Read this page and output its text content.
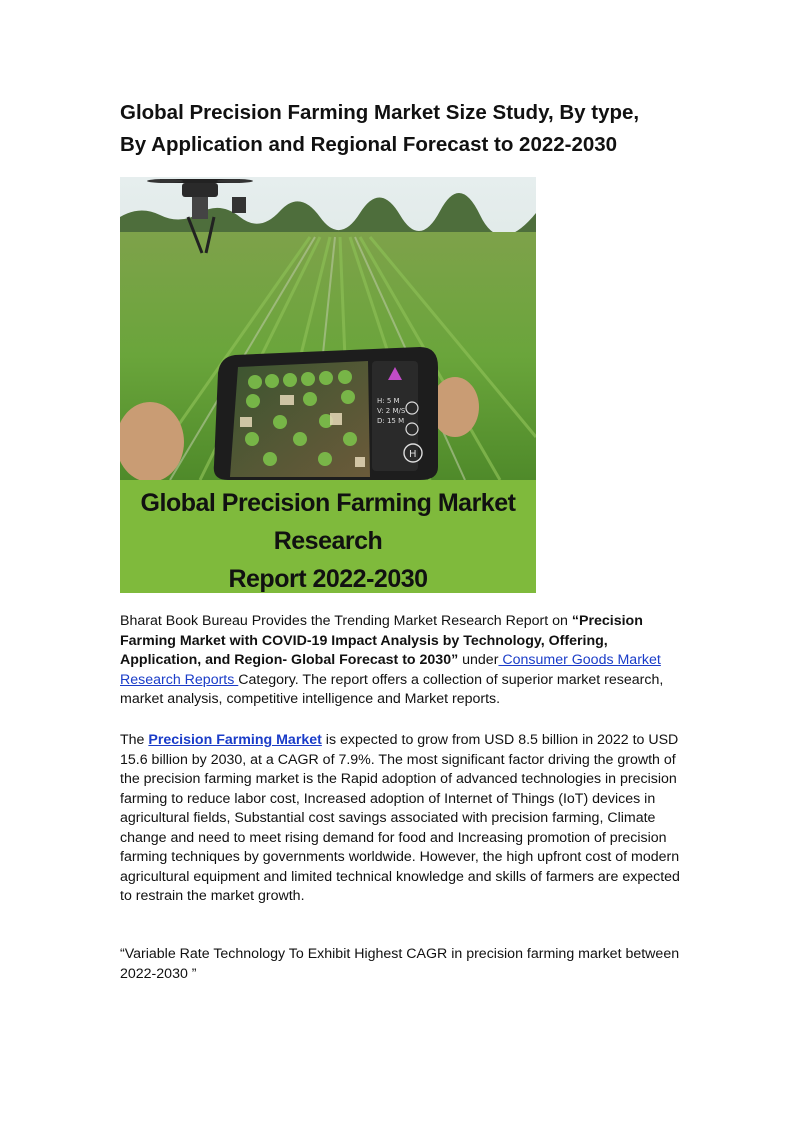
Global Precision Farming Market Size Study, By type,
By Application and Regional Forecast to 2022-2030
H: 5 M
V: 2 M/S
D: 15 M
H
Global Precision Farming Market Research
Report 2022-2030
Bharat Book Bureau Provides the Trending Market Research Report on “Precision Farming Market with COVID-19 Impact Analysis by Technology, Offering, Application, and Region- Global Forecast to 2030” under Consumer Goods Market Research Reports Category. The report offers a collection of superior market research, market analysis, competitive intelligence and Market reports.
The Precision Farming Market is expected to grow from USD 8.5 billion in 2022 to USD 15.6 billion by 2030, at a CAGR of 7.9%. The most significant factor driving the growth of the precision farming market is the Rapid adoption of advanced technologies in precision farming to reduce labor cost, Increased adoption of Internet of Things (IoT) devices in agricultural fields, Substantial cost savings associated with precision farming, Climate change and need to meet rising demand for food and Increasing promotion of precision farming techniques by governments worldwide. However, the high upfront cost of modern agricultural equipment and limited technical knowledge and skills of farmers are expected to restrain the market growth.
“Variable Rate Technology To Exhibit Highest CAGR in precision farming market between 2022-2030 ”
